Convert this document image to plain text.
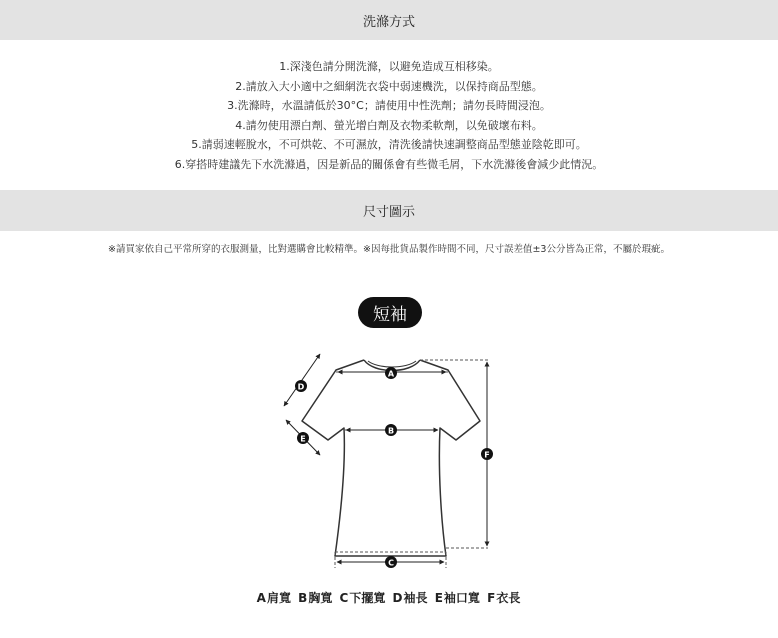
洗滌方式
1.深淺色請分開洗滌，以避免造成互相移染。
2.請放入大小適中之細網洗衣袋中弱速機洗，以保持商品型態。
3.洗滌時，水溫請低於30°C；請使用中性洗劑；請勿長時間浸泡。
4.請勿使用漂白劑、螢光增白劑及衣物柔軟劑，以免破壞布料。
5.請弱速輕脫水，不可烘乾、不可濕放，清洗後請快速調整商品型態並陰乾即可。
6.穿搭時建議先下水洗滌過，因是新品的關係會有些微毛屑，下水洗滌後會減少此情況。
尺寸圖示
※請買家依自己平常所穿的衣服測量，比對選購會比較精準。※因每批貨品製作時間不同，尺寸誤差值±3公分皆為正常，不屬於瑕疵。
短袖
A
B
C
D
E
F
A肩寬 B胸寬 C下擺寬 D袖長 E袖口寬 F衣長
